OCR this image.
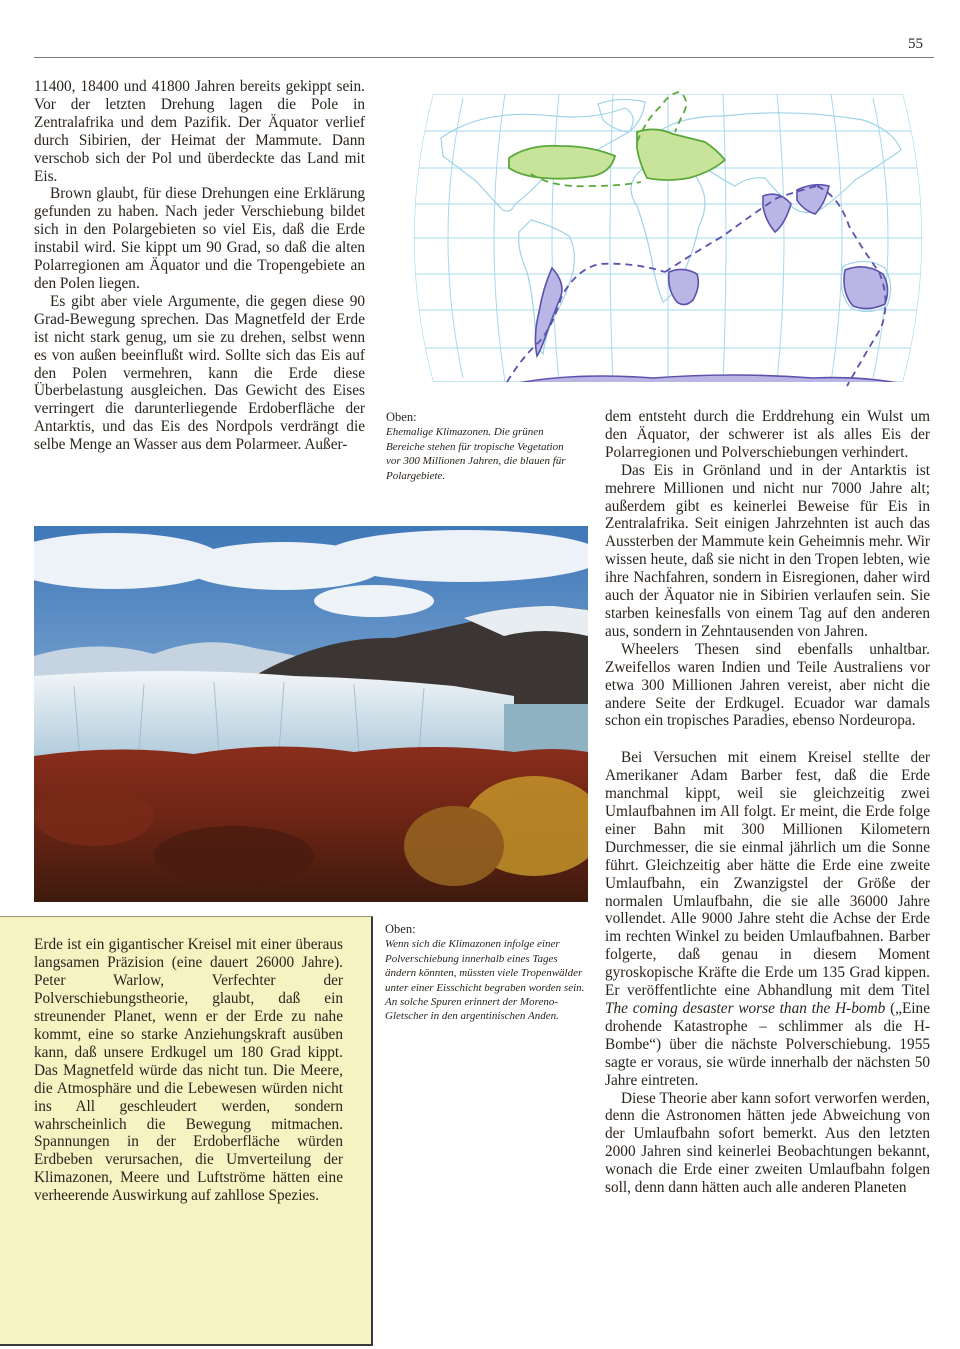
55

11400, 18400 und 41800 Jahren bereits gekippt sein. Vor der letzten Drehung lagen die Pole in Zentralafrika und dem Pazifik. Der Äquator verlief durch Sibirien, der Heimat der Mammute. Dann verschob sich der Pol und überdeckte das Land mit Eis.

Brown glaubt, für diese Drehungen eine Erklärung gefunden zu haben. Nach jeder Verschiebung bildet sich in den Polargebieten so viel Eis, daß die Erde instabil wird. Sie kippt um 90 Grad, so daß die alten Polarregionen am Äquator und die Tropengebiete an den Polen liegen.

Es gibt aber viele Argumente, die gegen diese 90 Grad-Bewegung sprechen. Das Magnetfeld der Erde ist nicht stark genug, um sie zu drehen, selbst wenn es von außen beeinflußt wird. Sollte sich das Eis auf den Polen vermehren, kann die Erde diese Überbelastung ausgleichen. Das Gewicht des Eises verringert die darunterliegende Erdoberfläche der Antarktis, und das Eis des Nordpols verdrängt die selbe Menge an Wasser aus dem Polarmeer. Außer-

Oben:
Ehemalige Klimazonen. Die grünen Bereiche stehen für tropische Vegetation vor 300 Millionen Jahren, die blauen für Polargebiete.
Oben:
Wenn sich die Klimazonen infolge einer Polverschiebung innerhalb eines Tages ändern könnten, müssten viele Tropenwälder unter einer Eisschicht begraben worden sein. An solche Spuren erinnert der Moreno-Gletscher in den argentinischen Anden.

Erde ist ein gigantischer Kreisel mit einer überaus langsamen Präzision (eine dauert 26000 Jahre). Peter Warlow, Verfechter der Polverschiebungstheorie, glaubt, daß ein streunender Planet, wenn er der Erde zu nahe kommt, eine so starke Anziehungskraft ausüben kann, daß unsere Erdkugel um 180 Grad kippt. Das Magnetfeld würde das nicht tun. Die Meere, die Atmosphäre und die Lebewesen würden nicht ins All geschleudert werden, sondern wahrscheinlich die Bewegung mitmachen. Spannungen in der Erdoberfläche würden Erdbeben verursachen, die Umverteilung der Klimazonen, Meere und Luftströme hätten eine verheerende Auswirkung auf zahllose Spezies.

dem entsteht durch die Erddrehung ein Wulst um den Äquator, der schwerer ist als alles Eis der Polarregionen und Polverschiebungen verhindert.

Das Eis in Grönland und in der Antarktis ist mehrere Millionen und nicht nur 7000 Jahre alt; außerdem gibt es keinerlei Beweise für Eis in Zentralafrika. Seit einigen Jahrzehnten ist auch das Aussterben der Mammute kein Geheimnis mehr. Wir wissen heute, daß sie nicht in den Tropen lebten, wie ihre Nachfahren, sondern in Eisregionen, daher wird auch der Äquator nie in Sibirien verlaufen sein. Sie starben keinesfalls von einem Tag auf den anderen aus, sondern in Zehntausenden von Jahren.

Wheelers Thesen sind ebenfalls unhaltbar. Zweifellos waren Indien und Teile Australiens vor etwa 300 Millionen Jahren vereist, aber nicht die andere Seite der Erdkugel. Ecuador war damals schon ein tropisches Paradies, ebenso Nordeuropa.

Bei Versuchen mit einem Kreisel stellte der Amerikaner Adam Barber fest, daß die Erde manchmal kippt, weil sie gleichzeitig zwei Umlaufbahnen im All folgt. Er meint, die Erde folge einer Bahn mit 300 Millionen Kilometern Durchmesser, die sie einmal jährlich um die Sonne führt. Gleichzeitig aber hätte die Erde eine zweite Umlaufbahn, ein Zwanzigstel der Größe der normalen Umlaufbahn, die sie alle 36000 Jahre vollendet. Alle 9000 Jahre steht die Achse der Erde im rechten Winkel zu beiden Umlaufbahnen. Barber folgerte, daß genau in diesem Moment gyroskopische Kräfte die Erde um 135 Grad kippen. Er veröffentlichte eine Abhandlung mit dem Titel The coming desaster worse than the H-bomb („Eine drohende Katastrophe – schlimmer als die H-Bombe“) über die nächste Polverschiebung. 1955 sagte er voraus, sie würde innerhalb der nächsten 50 Jahre eintreten.

Diese Theorie aber kann sofort verworfen werden, denn die Astronomen hätten jede Abweichung von der Umlaufbahn sofort bemerkt. Aus den letzten 2000 Jahren sind keinerlei Beobachtungen bekannt, wonach die Erde einer zweiten Umlaufbahn folgen soll, denn dann hätten auch alle anderen Planeten
